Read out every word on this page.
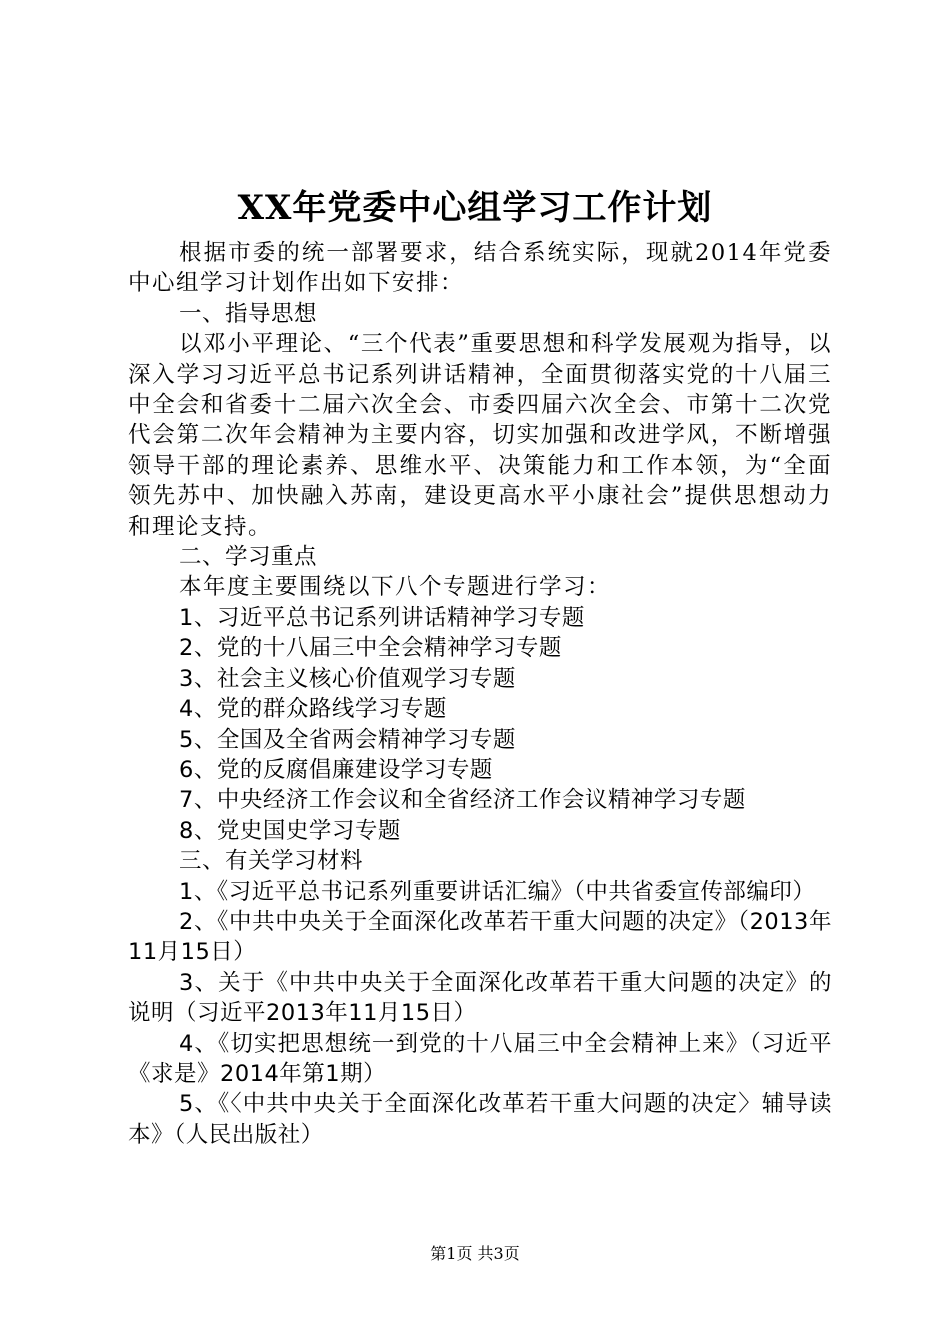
XX年党委中心组学习工作计划

根据市委的统一部署要求，结合系统实际，现就2014年党委中心组学习计划作出如下安排：

一、指导思想

以邓小平理论、“三个代表”重要思想和科学发展观为指导，以深入学习习近平总书记系列讲话精神，全面贯彻落实党的十八届三中全会和省委十二届六次全会、市委四届六次全会、市第十二次党代会第二次年会精神为主要内容，切实加强和改进学风，不断增强领导干部的理论素养、思维水平、决策能力和工作本领，为“全面领先苏中、加快融入苏南，建设更高水平小康社会”提供思想动力和理论支持。

二、学习重点

本年度主要围绕以下八个专题进行学习：

1、习近平总书记系列讲话精神学习专题

2、党的十八届三中全会精神学习专题

3、社会主义核心价值观学习专题

4、党的群众路线学习专题

5、全国及全省两会精神学习专题

6、党的反腐倡廉建设学习专题

7、中央经济工作会议和全省经济工作会议精神学习专题

8、党史国史学习专题

三、有关学习材料

1、《习近平总书记系列重要讲话汇编》（中共省委宣传部编印）

2、《中共中央关于全面深化改革若干重大问题的决定》（2013年11月15日）

3、关于《中共中央关于全面深化改革若干重大问题的决定》的说明（习近平2013年11月15日）

4、《切实把思想统一到党的十八届三中全会精神上来》（习近平《求是》2014年第1期）

5、《〈中共中央关于全面深化改革若干重大问题的决定〉辅导读本》（人民出版社）

第1页 共3页
